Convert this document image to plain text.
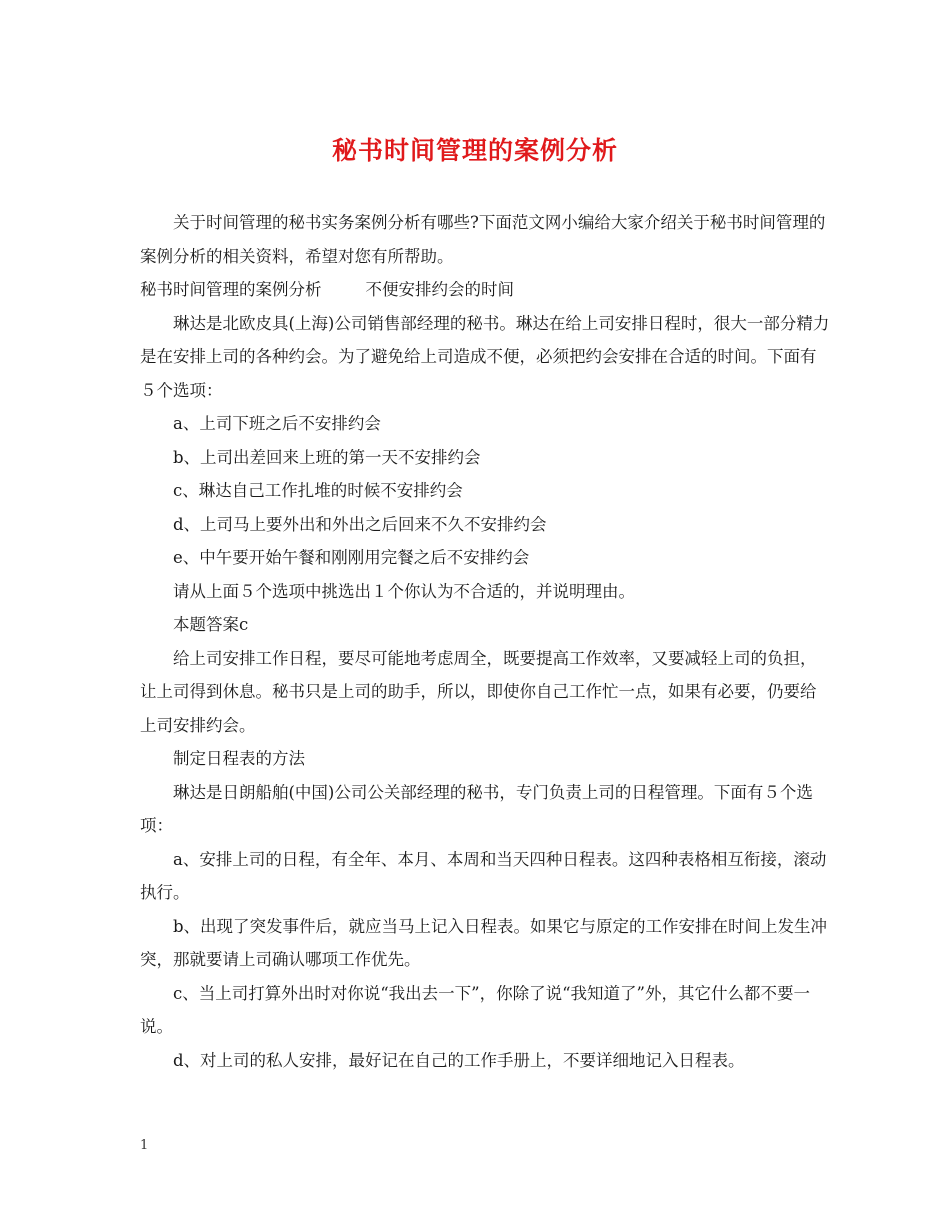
秘书时间管理的案例分析

关于时间管理的秘书实务案例分析有哪些?下面范文网小编给大家介绍关于秘书时间管理的案例分析的相关资料，希望对您有所帮助。

秘书时间管理的案例分析	不便安排约会的时间

琳达是北欧皮具(上海)公司销售部经理的秘书。琳达在给上司安排日程时，很大一部分精力是在安排上司的各种约会。为了避免给上司造成不便，必须把约会安排在合适的时间。下面有５个选项：

a、上司下班之后不安排约会

b、上司出差回来上班的第一天不安排约会

c、琳达自己工作扎堆的时候不安排约会

d、上司马上要外出和外出之后回来不久不安排约会

e、中午要开始午餐和刚刚用完餐之后不安排约会

请从上面５个选项中挑选出１个你认为不合适的，并说明理由。

本题答案c

给上司安排工作日程，要尽可能地考虑周全，既要提高工作效率，又要减轻上司的负担，让上司得到休息。秘书只是上司的助手，所以，即使你自己工作忙一点，如果有必要，仍要给上司安排约会。

制定日程表的方法

琳达是日朗船舶(中国)公司公关部经理的秘书，专门负责上司的日程管理。下面有５个选项：

a、安排上司的日程，有全年、本月、本周和当天四种日程表。这四种表格相互衔接，滚动执行。

b、出现了突发事件后，就应当马上记入日程表。如果它与原定的工作安排在时间上发生冲突，那就要请上司确认哪项工作优先。

c、当上司打算外出时对你说“我出去一下”，你除了说“我知道了”外，其它什么都不要一说。

d、对上司的私人安排，最好记在自己的工作手册上，不要详细地记入日程表。

1
